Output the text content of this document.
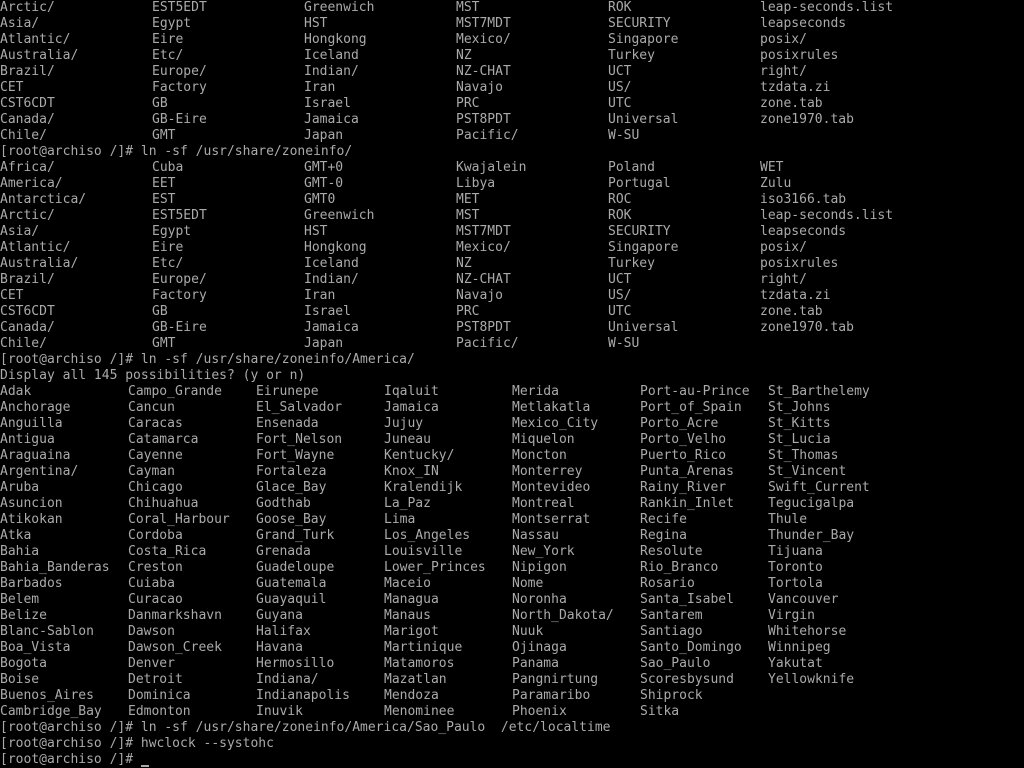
Arctic/	EST5EDT	Greenwich	MST	ROK	leap-seconds.list
Asia/	Egypt	HST	MST7MDT	SECURITY	leapseconds
Atlantic/	Eire	Hongkong	Mexico/	Singapore	posix/
Australia/	Etc/	Iceland	NZ	Turkey	posixrules
Brazil/	Europe/	Indian/	NZ-CHAT	UCT	right/
CET	Factory	Iran	Navajo	US/	tzdata.zi
CST6CDT	GB	Israel	PRC	UTC	zone.tab
Canada/	GB-Eire	Jamaica	PST8PDT	Universal	zone1970.tab
Chile/	GMT	Japan	Pacific/	W-SU

[root@archiso /]# ln -sf /usr/share/zoneinfo/

Africa/	Cuba	GMT+0	Kwajalein	Poland	WET
America/	EET	GMT-0	Libya	Portugal	Zulu
Antarctica/	EST	GMT0	MET	ROC	iso3166.tab
Arctic/	EST5EDT	Greenwich	MST	ROK	leap-seconds.list
Asia/	Egypt	HST	MST7MDT	SECURITY	leapseconds
Atlantic/	Eire	Hongkong	Mexico/	Singapore	posix/
Australia/	Etc/	Iceland	NZ	Turkey	posixrules
Brazil/	Europe/	Indian/	NZ-CHAT	UCT	right/
CET	Factory	Iran	Navajo	US/	tzdata.zi
CST6CDT	GB	Israel	PRC	UTC	zone.tab
Canada/	GB-Eire	Jamaica	PST8PDT	Universal	zone1970.tab
Chile/	GMT	Japan	Pacific/	W-SU

[root@archiso /]# ln -sf /usr/share/zoneinfo/America/

Display all 145 possibilities? (y or n)

Adak	Campo_Grande	Eirunepe	Iqaluit	Merida	Port-au-Prince St_Barthelemy
Anchorage	Cancun	El_Salvador	Jamaica	Metlakatla	Port_of_Spain St_Johns
Anguilla	Caracas	Ensenada	Jujuy	Mexico_City	Porto_Acre	St_Kitts
Antigua	Catamarca	Fort_Nelson	Juneau	Miquelon	Porto_Velho	St_Lucia
Araguaina	Cayenne	Fort_Wayne	Kentucky/	Moncton	Puerto_Rico	St_Thomas
Argentina/	Cayman	Fortaleza	Knox_IN	Monterrey	Punta_Arenas	St_Vincent
Aruba	Chicago	Glace_Bay	Kralendijk	Montevideo	Rainy_River	Swift_Current
Asuncion	Chihuahua	Godthab	La_Paz	Montreal	Rankin_Inlet	Tegucigalpa
Atikokan	Coral_Harbour Goose_Bay	Lima	Montserrat	Recife	Thule
Atka	Cordoba	Grand_Turk	Los_Angeles	Nassau	Regina	Thunder_Bay
Bahia	Costa_Rica	Grenada	Louisville	New_York	Resolute	Tijuana
Bahia_Banderas Creston	Guadeloupe	Lower_Princes Nipigon	Rio_Branco	Toronto
Barbados	Cuiaba	Guatemala	Maceio	Nome	Rosario	Tortola
Belem	Curacao	Guayaquil	Managua	Noronha	Santa_Isabel	Vancouver
Belize	Danmarkshavn	Guyana	Manaus	North_Dakota/ Santarem	Virgin
Blanc-Sablon	Dawson	Halifax	Marigot	Nuuk	Santiago	Whitehorse
Boa_Vista	Dawson_Creek	Havana	Martinique	Ojinaga	Santo_Domingo Winnipeg
Bogota	Denver	Hermosillo	Matamoros	Panama	Sao_Paulo	Yakutat
Boise	Detroit	Indiana/	Mazatlan	Pangnirtung	Scoresbysund	Yellowknife
Buenos_Aires	Dominica	Indianapolis	Mendoza	Paramaribo	Shiprock
Cambridge_Bay Edmonton	Inuvik	Menominee	Phoenix	Sitka

[root@archiso /]# ln -sf /usr/share/zoneinfo/America/Sao_Paulo  /etc/localtime

[root@archiso /]# hwclock --systohc

[root@archiso /]#
